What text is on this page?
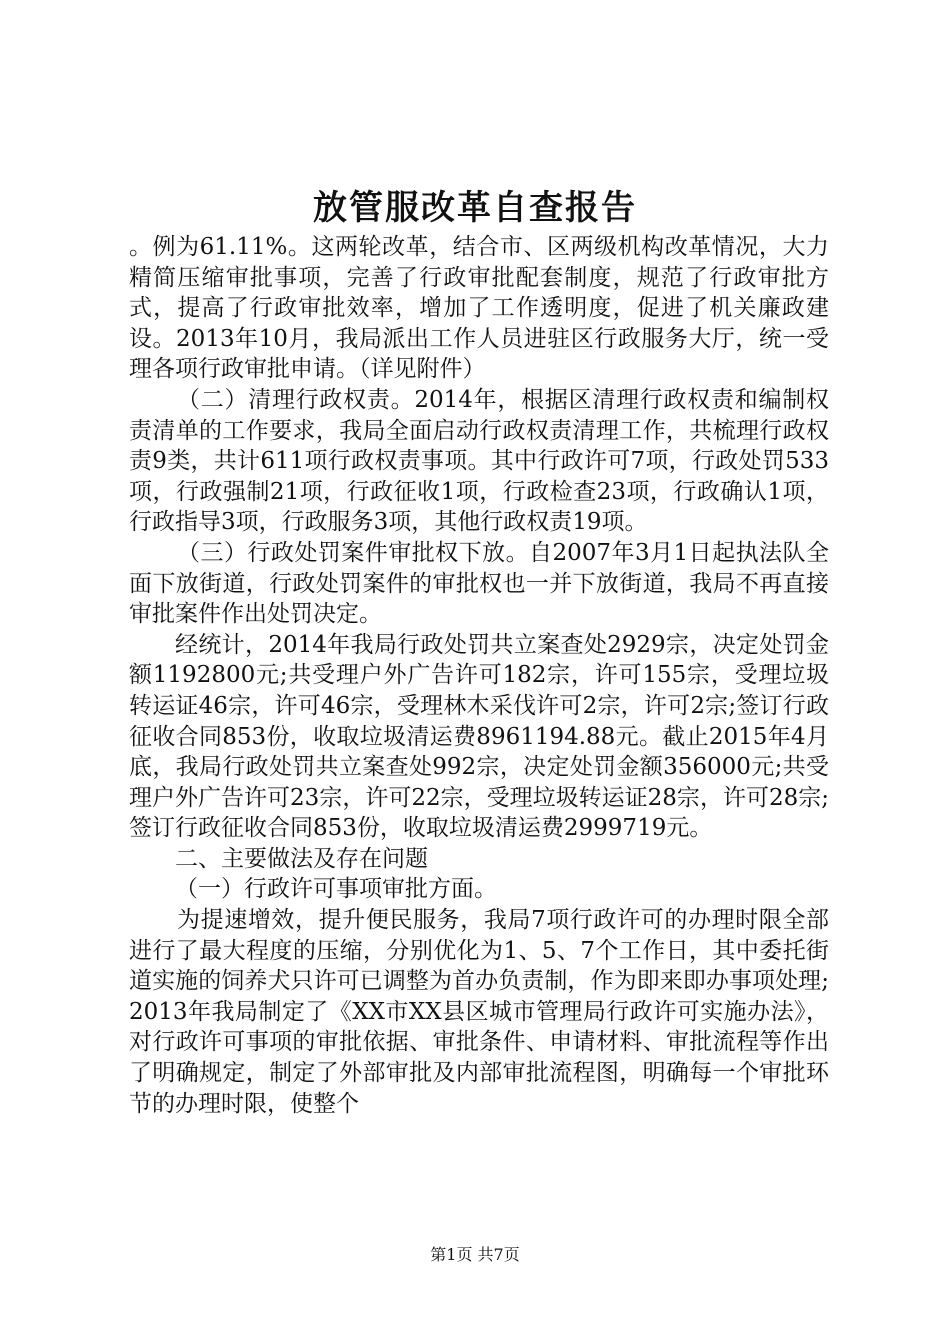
放管服改革自查报告

。例为61.11%。这两轮改革，结合市、区两级机构改革情况，大力精简压缩审批事项，完善了行政审批配套制度，规范了行政审批方式，提高了行政审批效率，增加了工作透明度，促进了机关廉政建设。2013年10月，我局派出工作人员进驻区行政服务大厅，统一受理各项行政审批申请。（详见附件）

（二）清理行政权责。2014年，根据区清理行政权责和编制权责清单的工作要求，我局全面启动行政权责清理工作，共梳理行政权责9类，共计611项行政权责事项。其中行政许可7项，行政处罚533项，行政强制21项，行政征收1项，行政检查23项，行政确认1项，行政指导3项，行政服务3项，其他行政权责19项。

（三）行政处罚案件审批权下放。自2007年3月1日起执法队全面下放街道，行政处罚案件的审批权也一并下放街道，我局不再直接审批案件作出处罚决定。

经统计，2014年我局行政处罚共立案查处2929宗，决定处罚金额1192800元;共受理户外广告许可182宗，许可155宗，受理垃圾转运证46宗，许可46宗，受理林木采伐许可2宗，许可2宗;签订行政征收合同853份，收取垃圾清运费8961194.88元。截止2015年4月底，我局行政处罚共立案查处992宗，决定处罚金额356000元;共受理户外广告许可23宗，许可22宗，受理垃圾转运证28宗，许可28宗;签订行政征收合同853份，收取垃圾清运费2999719元。

二、主要做法及存在问题

（一）行政许可事项审批方面。

为提速增效，提升便民服务，我局7项行政许可的办理时限全部进行了最大程度的压缩，分别优化为1、5、7个工作日，其中委托街道实施的饲养犬只许可已调整为首办负责制，作为即来即办事项处理;2013年我局制定了《XX市XX县区城市管理局行政许可实施办法》，对行政许可事项的审批依据、审批条件、申请材料、审批流程等作出了明确规定，制定了外部审批及内部审批流程图，明确每一个审批环节的办理时限，使整个

第1页 共7页
